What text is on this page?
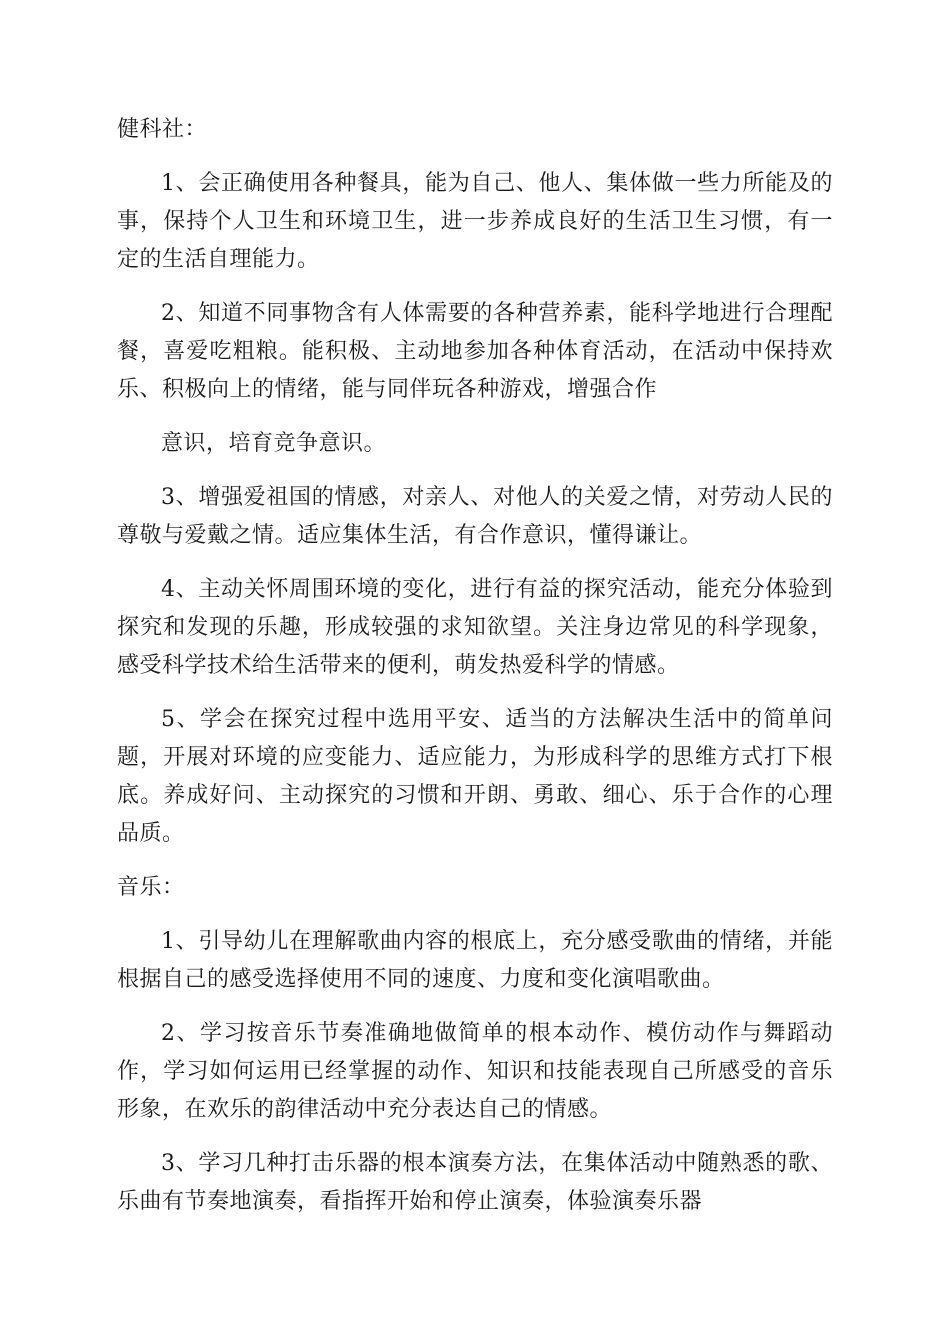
健科社：

1、会正确使用各种餐具，能为自己、他人、集体做一些力所能及的事，保持个人卫生和环境卫生，进一步养成良好的生活卫生习惯，有一定的生活自理能力。

2、知道不同事物含有人体需要的各种营养素，能科学地进行合理配餐，喜爱吃粗粮。能积极、主动地参加各种体育活动，在活动中保持欢乐、积极向上的情绪，能与同伴玩各种游戏，增强合作

意识，培育竞争意识。

3、增强爱祖国的情感，对亲人、对他人的关爱之情，对劳动人民的尊敬与爱戴之情。适应集体生活，有合作意识，懂得谦让。

4、主动关怀周围环境的变化，进行有益的探究活动，能充分体验到探究和发现的乐趣，形成较强的求知欲望。关注身边常见的科学现象，感受科学技术给生活带来的便利，萌发热爱科学的情感。

5、学会在探究过程中选用平安、适当的方法解决生活中的简单问题，开展对环境的应变能力、适应能力，为形成科学的思维方式打下根底。养成好问、主动探究的习惯和开朗、勇敢、细心、乐于合作的心理品质。

音乐：

1、引导幼儿在理解歌曲内容的根底上，充分感受歌曲的情绪，并能根据自己的感受选择使用不同的速度、力度和变化演唱歌曲。

2、学习按音乐节奏准确地做简单的根本动作、模仿动作与舞蹈动作，学习如何运用已经掌握的动作、知识和技能表现自己所感受的音乐形象，在欢乐的韵律活动中充分表达自己的情感。

3、学习几种打击乐器的根本演奏方法，在集体活动中随熟悉的歌、乐曲有节奏地演奏，看指挥开始和停止演奏，体验演奏乐器
